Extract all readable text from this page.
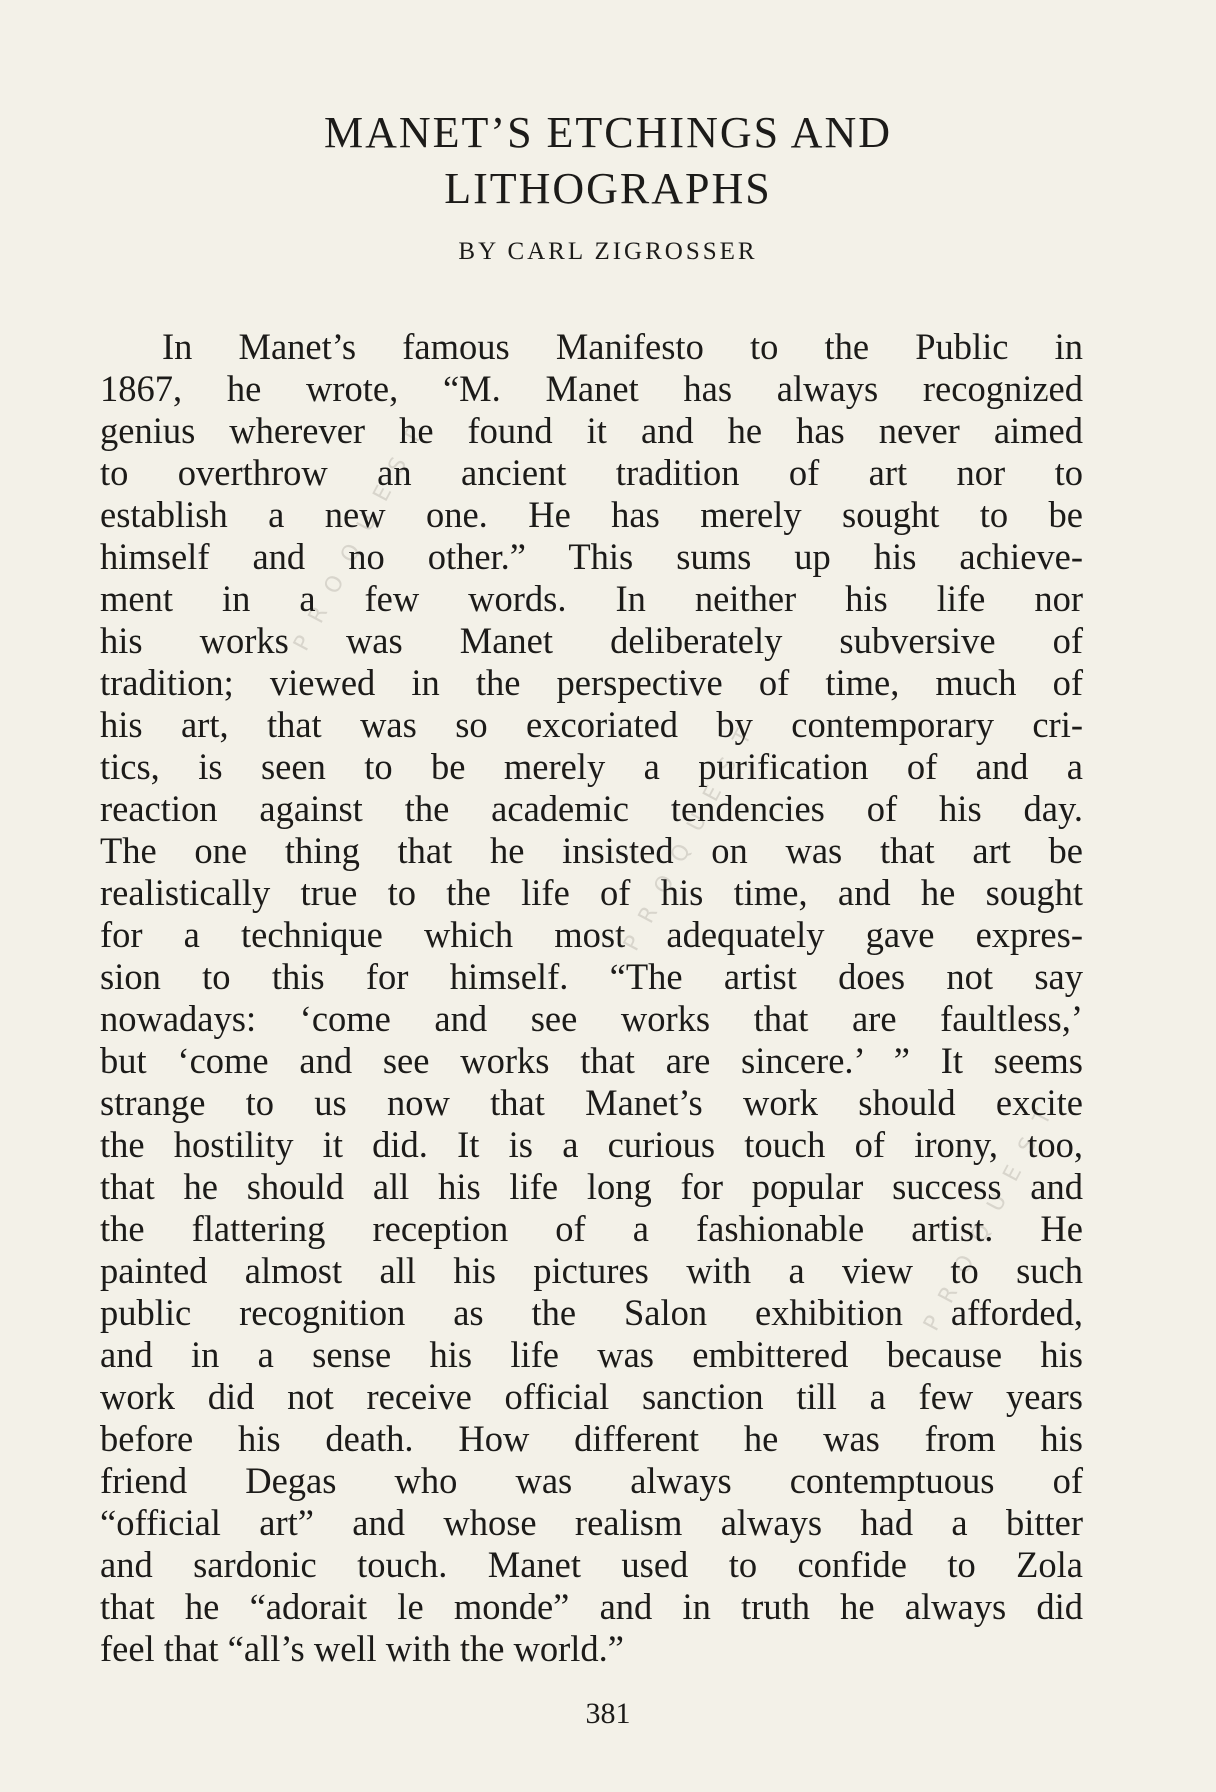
PROQUEST
PROQUEST
PROQUEST
MANET’S ETCHINGS AND
LITHOGRAPHS
BY CARL ZIGROSSER
In Manet’s famous Manifesto to the Public in
1867, he wrote, “M. Manet has always recognized
genius wherever he found it and he has never aimed
to overthrow an ancient tradition of art nor to
establish a new one. He has merely sought to be
himself and no other.” This sums up his achieve-
ment in a few words. In neither his life nor
his works was Manet deliberately subversive of
tradition; viewed in the perspective of time, much of
his art, that was so excoriated by contemporary cri-
tics, is seen to be merely a purification of and a
reaction against the academic tendencies of his day.
The one thing that he insisted on was that art be
realistically true to the life of his time, and he sought
for a technique which most adequately gave expres-
sion to this for himself. “The artist does not say
nowadays: ‘come and see works that are faultless,’
but ‘come and see works that are sincere.’ ” It seems
strange to us now that Manet’s work should excite
the hostility it did. It is a curious touch of irony, too,
that he should all his life long for popular success and
the flattering reception of a fashionable artist. He
painted almost all his pictures with a view to such
public recognition as the Salon exhibition afforded,
and in a sense his life was embittered because his
work did not receive official sanction till a few years
before his death. How different he was from his
friend Degas who was always contemptuous of
“official art” and whose realism always had a bitter
and sardonic touch. Manet used to confide to Zola
that he “adorait le monde” and in truth he always did
feel that “all’s well with the world.”
381
